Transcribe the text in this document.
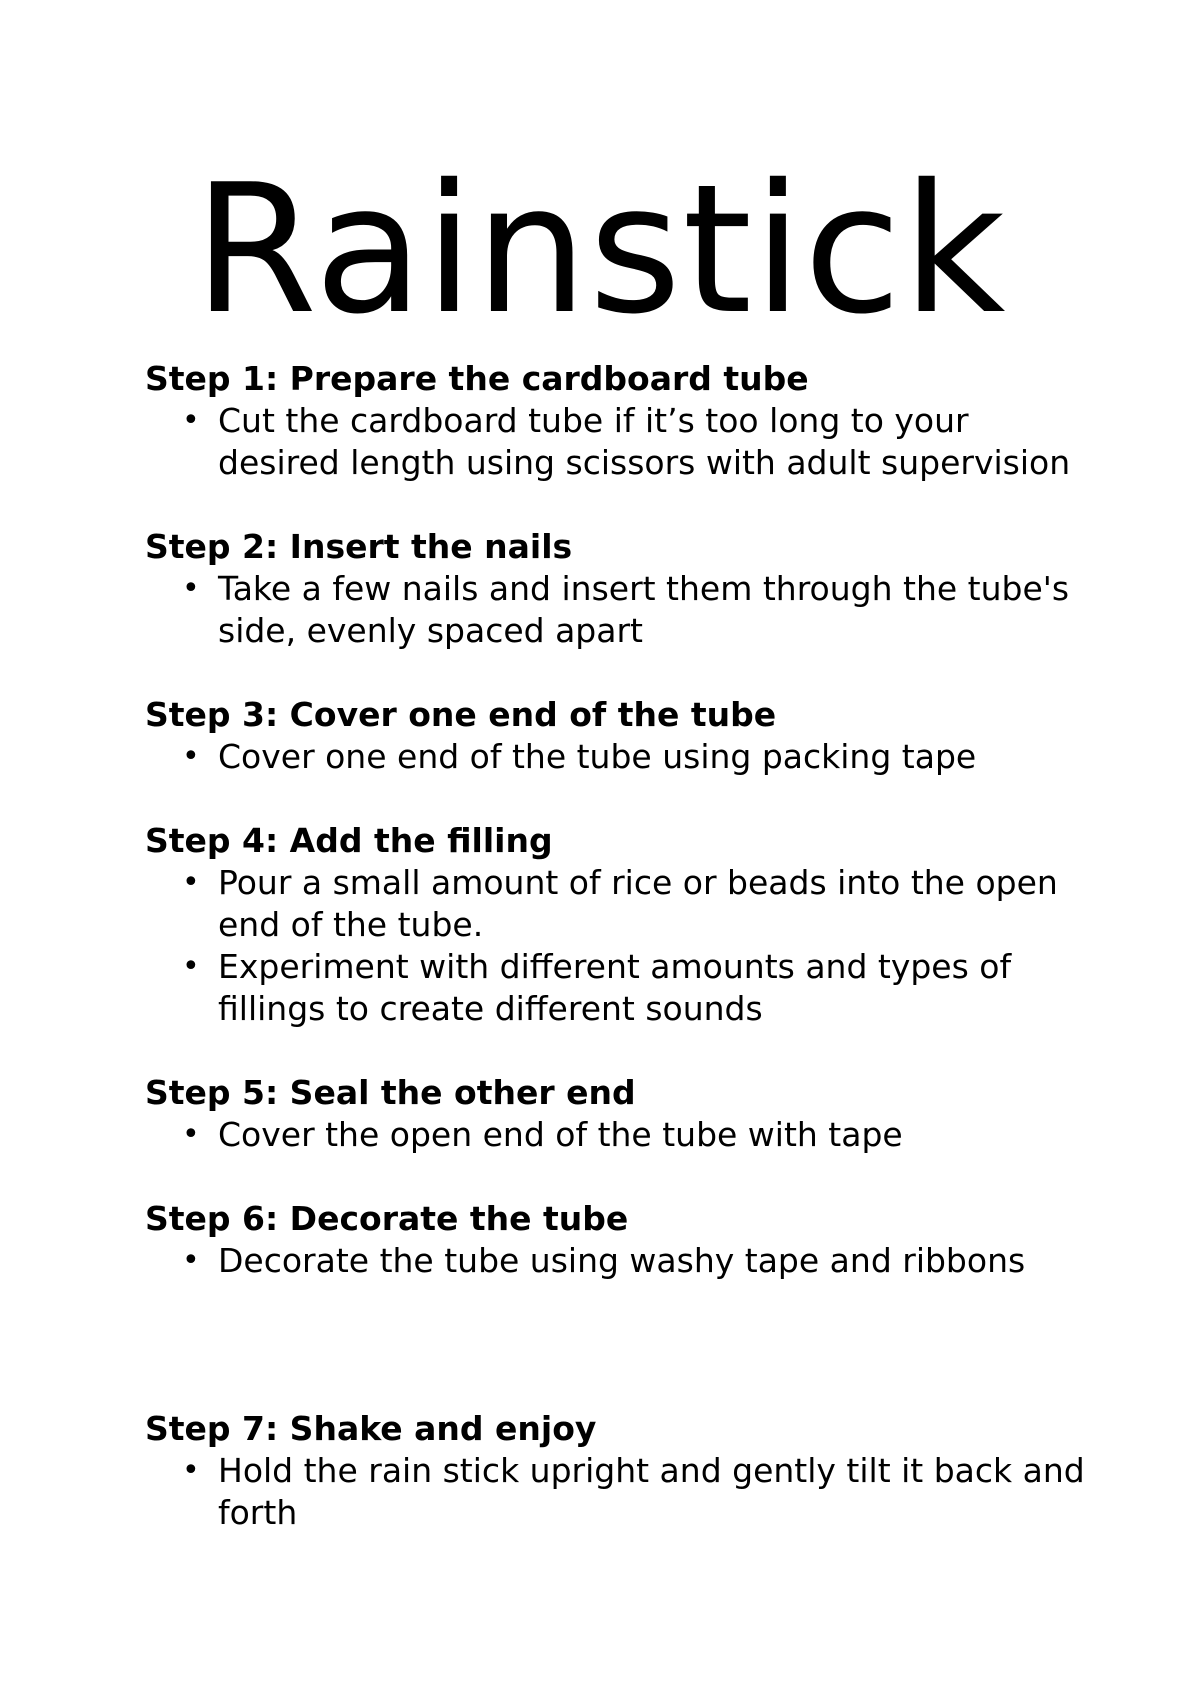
Rainstick

Step 1: Prepare the cardboard tube

• Cut the cardboard tube if it’s too long to your desired length using scissors with adult supervision

Step 2: Insert the nails

• Take a few nails and insert them through the tube's side, evenly spaced apart

Step 3: Cover one end of the tube

• Cover one end of the tube using packing tape

Step 4: Add the filling

• Pour a small amount of rice or beads into the open end of the tube.
• Experiment with different amounts and types of fillings to create different sounds

Step 5: Seal the other end

• Cover the open end of the tube with tape

Step 6: Decorate the tube

• Decorate the tube using washy tape and ribbons

Step 7: Shake and enjoy

• Hold the rain stick upright and gently tilt it back and forth
